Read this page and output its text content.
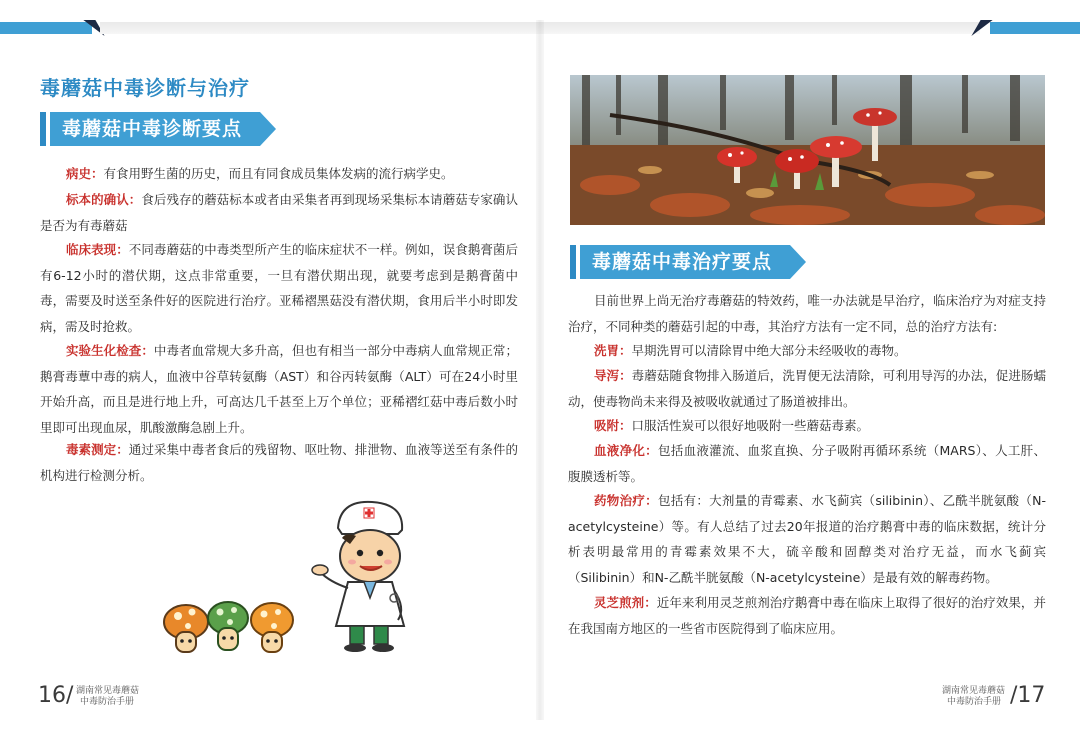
毒蘑菇中毒诊断与治疗
毒蘑菇中毒诊断要点

病史：有食用野生菌的历史，而且有同食成员集体发病的流行病学史。

标本的确认：食后残存的蘑菇标本或者由采集者再到现场采集标本请蘑菇专家确认是否为有毒蘑菇

临床表现：不同毒蘑菇的中毒类型所产生的临床症状不一样。例如，误食鹅膏菌后有6-12小时的潜伏期，这点非常重要，一旦有潜伏期出现，就要考虑到是鹅膏菌中毒，需要及时送至条件好的医院进行治疗。亚稀褶黑菇没有潜伏期，食用后半小时即发病，需及时抢救。

实验生化检查：中毒者血常规大多升高，但也有相当一部分中毒病人血常规正常；鹅膏毒蕈中毒的病人，血液中谷草转氨酶（AST）和谷丙转氨酶（ALT）可在24小时里开始升高，而且是进行地上升，可高达几千甚至上万个单位；亚稀褶红菇中毒后数小时里即可出现血尿，肌酸激酶急剧上升。

毒素测定：通过采集中毒者食后的残留物、呕吐物、排泄物、血液等送至有条件的机构进行检测分析。

16/ 湖南常见毒蘑菇
中毒防治手册
毒蘑菇中毒治疗要点

目前世界上尚无治疗毒蘑菇的特效药，唯一办法就是早治疗，临床治疗为对症支持治疗，不同种类的蘑菇引起的中毒，其治疗方法有一定不同，总的治疗方法有:

洗胃：早期洗胃可以清除胃中绝大部分未经吸收的毒物。

导泻：毒蘑菇随食物排入肠道后，洗胃便无法清除，可利用导泻的办法，促进肠蠕动，使毒物尚未来得及被吸收就通过了肠道被排出。

吸附：口服活性炭可以很好地吸附一些蘑菇毒素。

血液净化：包括血液灌流、血浆直换、分子吸附再循环系统（MARS）、人工肝、腹膜透析等。

药物治疗：包括有：大剂量的青霉素、水飞蓟宾（silibinin）、乙酰半胱氨酸（N-acetylcysteine）等。有人总结了过去20年报道的治疗鹅膏中毒的临床数据，统计分析表明最常用的青霉素效果不大，硫辛酸和固醇类对治疗无益，而水飞蓟宾（Silibinin）和N-乙酰半胱氨酸（N-acetylcysteine）是最有效的解毒药物。

灵芝煎剂：近年来利用灵芝煎剂治疗鹅膏中毒在临床上取得了很好的治疗效果，并在我国南方地区的一些省市医院得到了临床应用。

湖南常见毒蘑菇
中毒防治手册 /17
